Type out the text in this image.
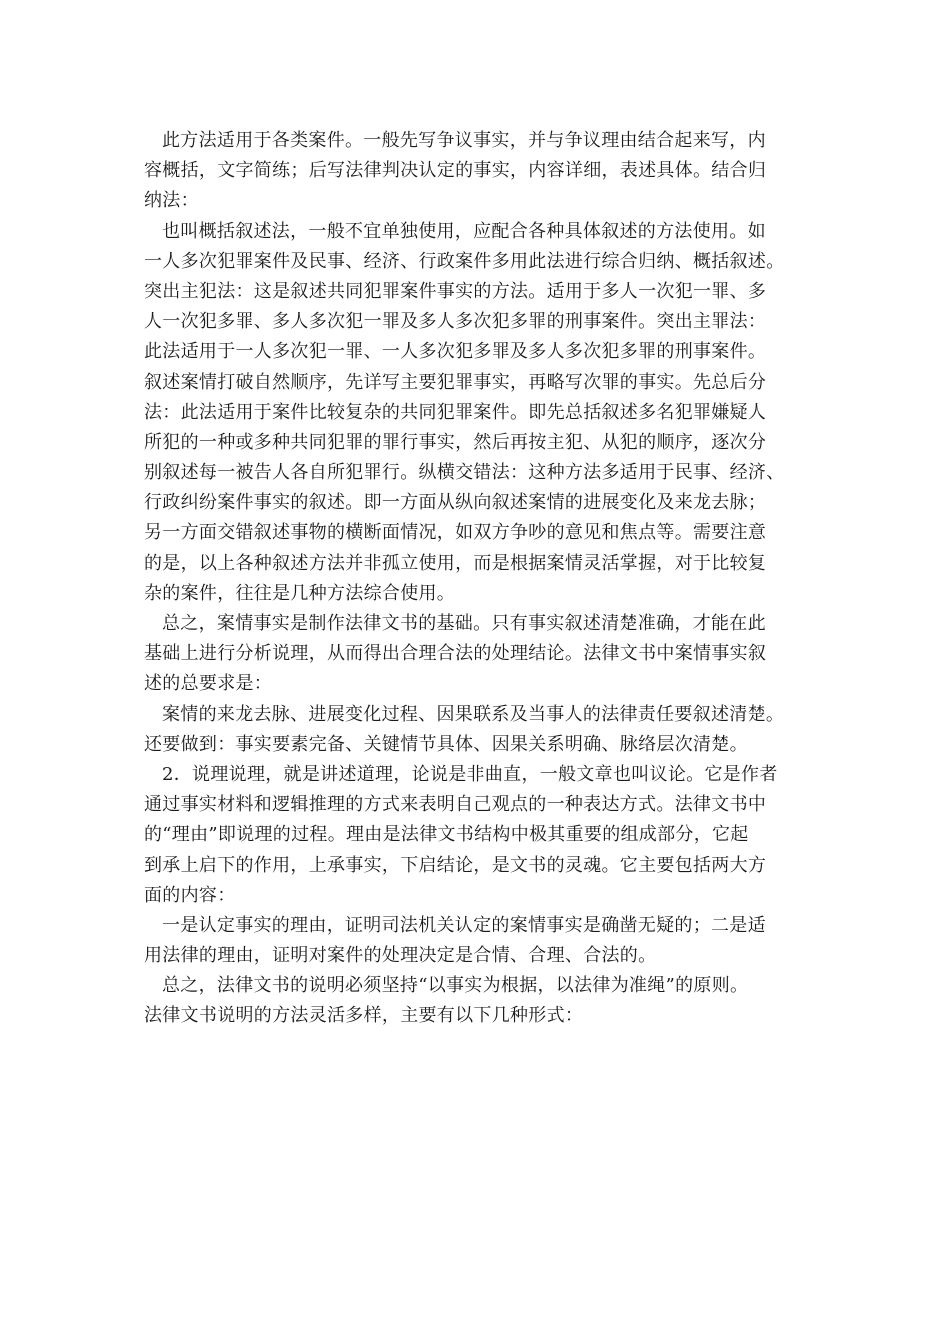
此方法适用于各类案件。一般先写争议事实，并与争议理由结合起来写，内
容概括，文字简练；后写法律判决认定的事实，内容详细，表述具体。结合归
纳法：
也叫概括叙述法，一般不宜单独使用，应配合各种具体叙述的方法使用。如
一人多次犯罪案件及民事、经济、行政案件多用此法进行综合归纳、概括叙述。
突出主犯法：这是叙述共同犯罪案件事实的方法。适用于多人一次犯一罪、多
人一次犯多罪、多人多次犯一罪及多人多次犯多罪的刑事案件。突出主罪法：
此法适用于一人多次犯一罪、一人多次犯多罪及多人多次犯多罪的刑事案件。
叙述案情打破自然顺序，先详写主要犯罪事实，再略写次罪的事实。先总后分
法：此法适用于案件比较复杂的共同犯罪案件。即先总括叙述多名犯罪嫌疑人
所犯的一种或多种共同犯罪的罪行事实，然后再按主犯、从犯的顺序，逐次分
别叙述每一被告人各自所犯罪行。纵横交错法：这种方法多适用于民事、经济、
行政纠纷案件事实的叙述。即一方面从纵向叙述案情的进展变化及来龙去脉；
另一方面交错叙述事物的横断面情况，如双方争吵的意见和焦点等。需要注意
的是，以上各种叙述方法并非孤立使用，而是根据案情灵活掌握，对于比较复
杂的案件，往往是几种方法综合使用。
总之，案情事实是制作法律文书的基础。只有事实叙述清楚准确，才能在此
基础上进行分析说理，从而得出合理合法的处理结论。法律文书中案情事实叙
述的总要求是：
案情的来龙去脉、进展变化过程、因果联系及当事人的法律责任要叙述清楚。
还要做到：事实要素完备、关键情节具体、因果关系明确、脉络层次清楚。
2．说理说理，就是讲述道理，论说是非曲直，一般文章也叫议论。它是作者
通过事实材料和逻辑推理的方式来表明自己观点的一种表达方式。法律文书中
的“理由”即说理的过程。理由是法律文书结构中极其重要的组成部分，它起
到承上启下的作用，上承事实，下启结论，是文书的灵魂。它主要包括两大方
面的内容：
一是认定事实的理由，证明司法机关认定的案情事实是确凿无疑的；二是适
用法律的理由，证明对案件的处理决定是合情、合理、合法的。
总之，法律文书的说明必须坚持“以事实为根据，以法律为准绳”的原则。
法律文书说明的方法灵活多样，主要有以下几种形式：
